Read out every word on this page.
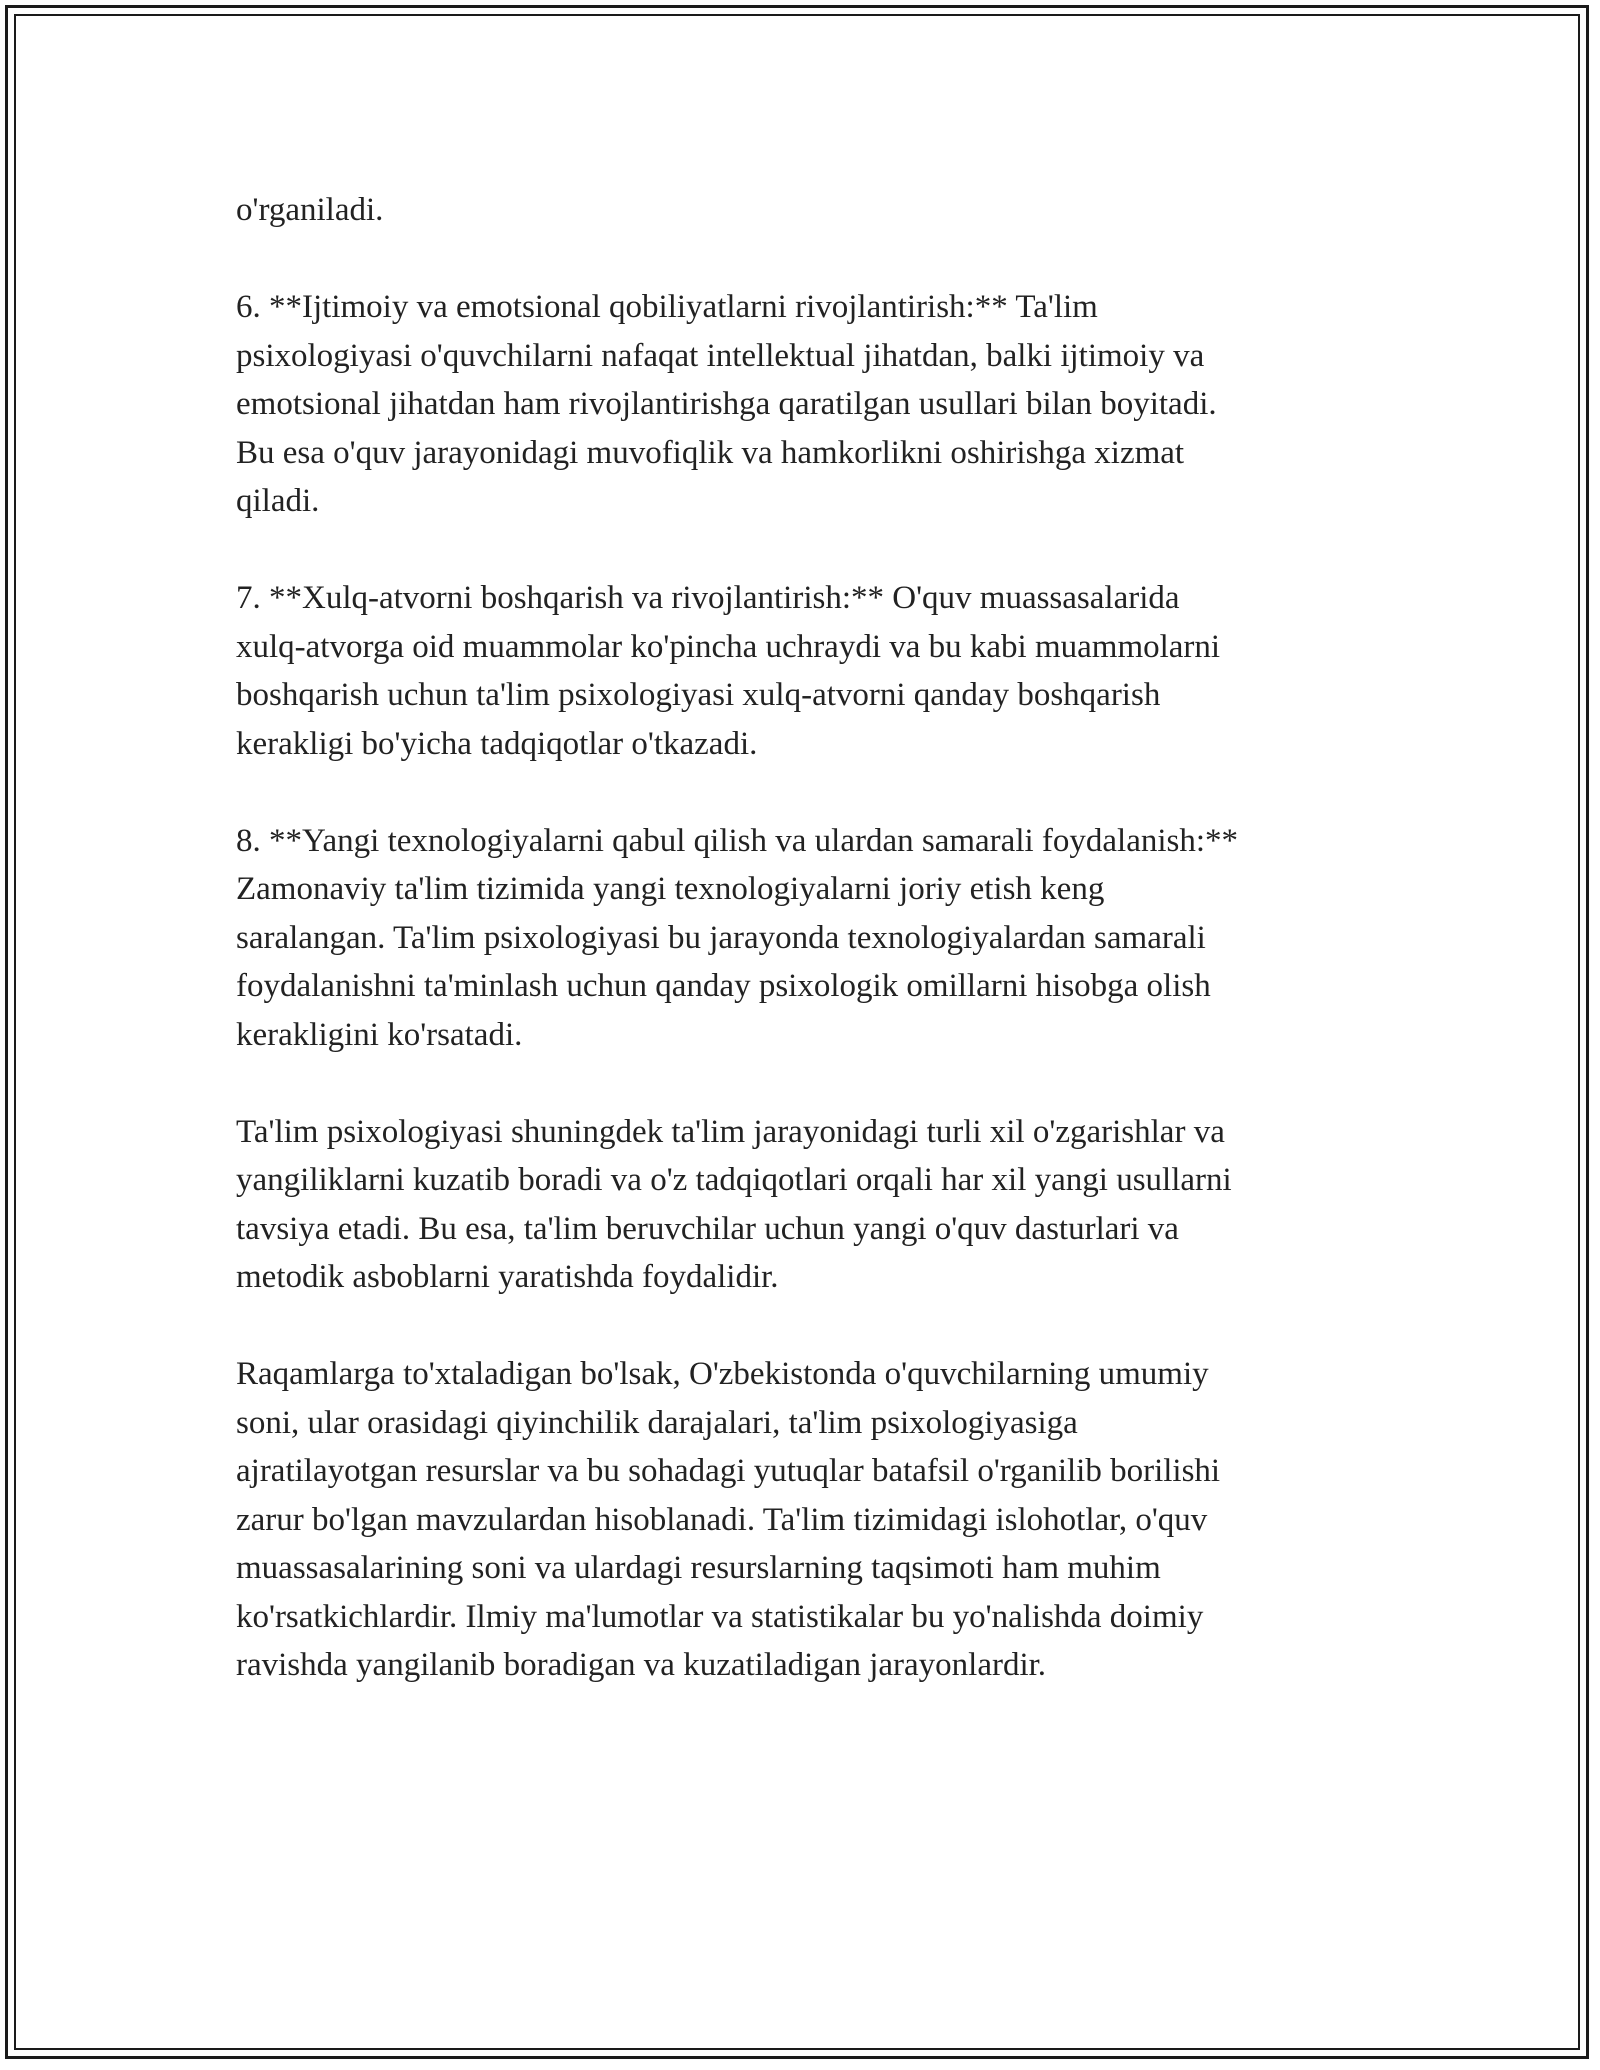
o'rganiladi.

6. **Ijtimoiy va emotsional qobiliyatlarni rivojlantirish:** Ta'lim
psixologiyasi o'quvchilarni nafaqat intellektual jihatdan, balki ijtimoiy va
emotsional jihatdan ham rivojlantirishga qaratilgan usullari bilan boyitadi.
Bu esa o'quv jarayonidagi muvofiqlik va hamkorlikni oshirishga xizmat
qiladi.

7. **Xulq-atvorni boshqarish va rivojlantirish:** O'quv muassasalarida
xulq-atvorga oid muammolar ko'pincha uchraydi va bu kabi muammolarni
boshqarish uchun ta'lim psixologiyasi xulq-atvorni qanday boshqarish
kerakligi bo'yicha tadqiqotlar o'tkazadi.

8. **Yangi texnologiyalarni qabul qilish va ulardan samarali foydalanish:**
Zamonaviy ta'lim tizimida yangi texnologiyalarni joriy etish keng
saralangan. Ta'lim psixologiyasi bu jarayonda texnologiyalardan samarali
foydalanishni ta'minlash uchun qanday psixologik omillarni hisobga olish
kerakligini ko'rsatadi.

Ta'lim psixologiyasi shuningdek ta'lim jarayonidagi turli xil o'zgarishlar va
yangiliklarni kuzatib boradi va o'z tadqiqotlari orqali har xil yangi usullarni
tavsiya etadi. Bu esa, ta'lim beruvchilar uchun yangi o'quv dasturlari va
metodik asboblarni yaratishda foydalidir.

Raqamlarga to'xtaladigan bo'lsak, O'zbekistonda o'quvchilarning umumiy
soni, ular orasidagi qiyinchilik darajalari, ta'lim psixologiyasiga
ajratilayotgan resurslar va bu sohadagi yutuqlar batafsil o'rganilib borilishi
zarur bo'lgan mavzulardan hisoblanadi. Ta'lim tizimidagi islohotlar, o'quv
muassasalarining soni va ulardagi resurslarning taqsimoti ham muhim
ko'rsatkichlardir. Ilmiy ma'lumotlar va statistikalar bu yo'nalishda doimiy
ravishda yangilanib boradigan va kuzatiladigan jarayonlardir.
